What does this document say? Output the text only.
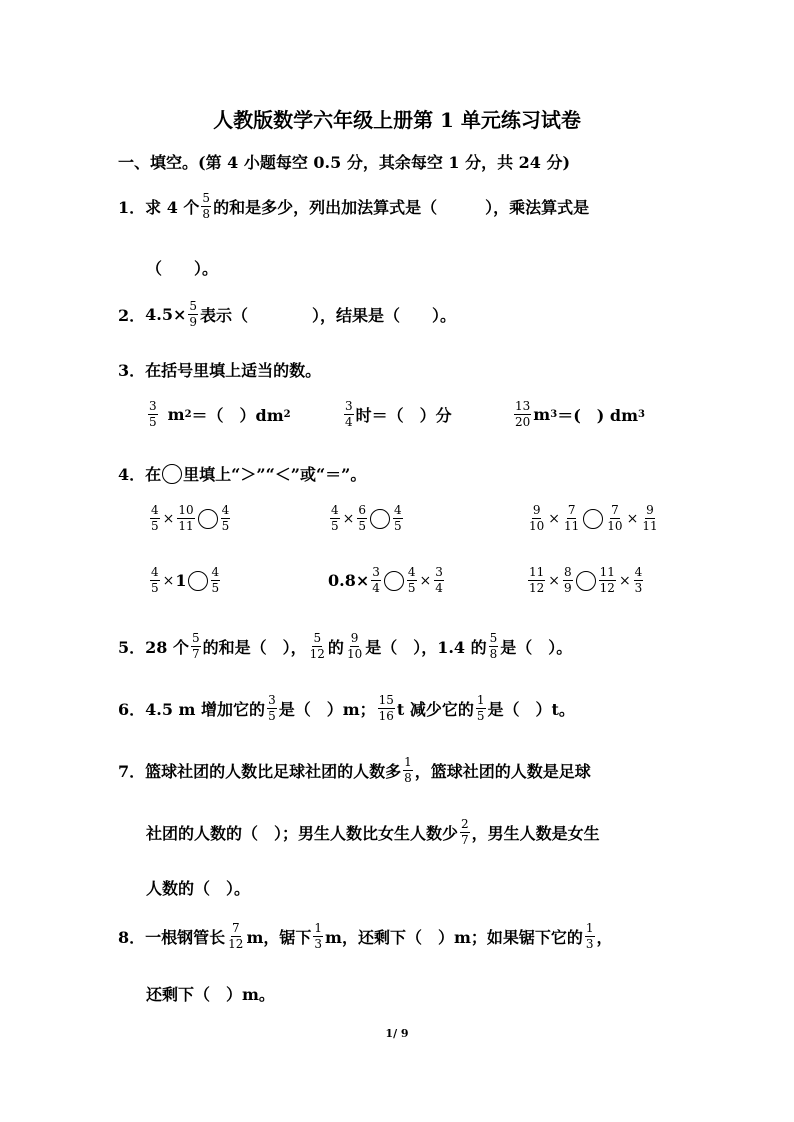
人教版数学六年级上册第 1 单元练习试卷
一、填空。(第 4 小题每空 0.5 分，其余每空 1 分，共 24 分)
1． 求 4 个 $\frac{5}{8}$ 的和是多少，列出加法算式是（　　　），乘法算式是
（　　）。
2． $4.5\times \frac{5}{9}$ 表示（　　　　），结果是（　　）。
3． 在括号里填上适当的数。
$\frac{3}{5}$ m 2 ＝（　）dm 2	$\frac{3}{4}$ 时＝（　）分	$\frac{13}{20}$ m 3 ＝(　) dm 3
4． 在 里填上“＞”“＜”或“＝”。
$\frac{4}{5} \times \frac{10}{11} \frac{4}{5}$	$\frac{4}{5} \times \frac{6}{5} \frac{4}{5}$	$\frac{9}{10} \times \frac{7}{11} \frac{7}{10} \times \frac{9}{11}$
$\frac{4}{5} \times 1 \frac{4}{5}$	$0.8\times \frac{3}{4} \frac{4}{5} \times \frac{3}{4}$	$\frac{11}{12} \times \frac{8}{9} \frac{11}{12} \times \frac{4}{3}$
5． 28 个 $\frac{5}{7}$ 的和是（　）， $\frac{5}{12}$ 的 $\frac{9}{10}$ 是（　），1.4 的 $\frac{5}{8}$ 是（　）。
6． 4.5 m 增加它的 $\frac{3}{5}$ 是（　）m； $\frac{15}{16}$ t 减少它的 $\frac{1}{5}$ 是（　）t。
7． 篮球社团的人数比足球社团的人数多 $\frac{1}{8}$ ，篮球社团的人数是足球
社团的人数的（　）；男生人数比女生人数少 $\frac{2}{7}$ ，男生人数是女生
人数的（　）。
8． 一根钢管长 $\frac{7}{12}$ m，锯下 $\frac{1}{3}$ m，还剩下（　）m；如果锯下它的 $\frac{1}{3}$ ，
还剩下（　）m。
1/ 9
